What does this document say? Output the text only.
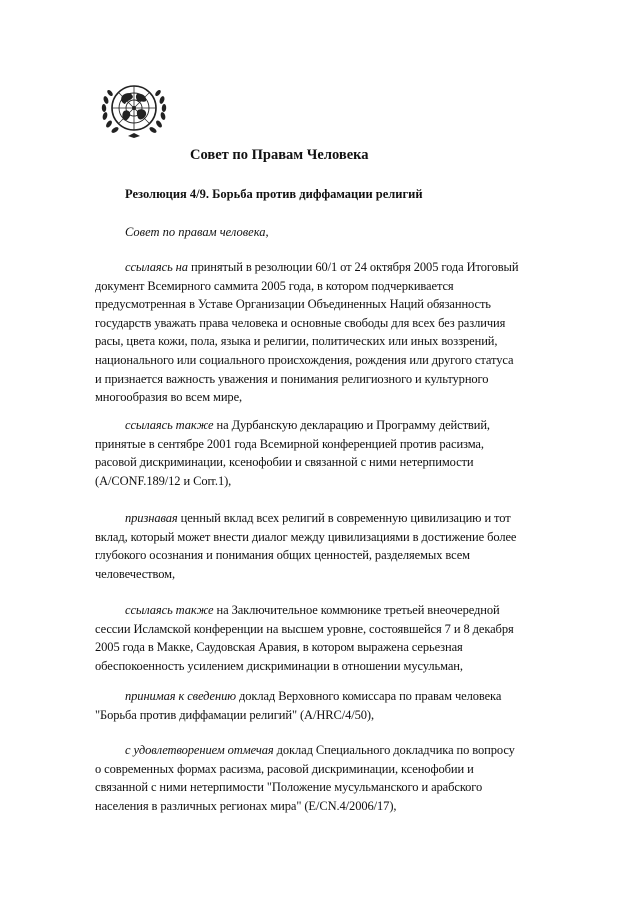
Совет по Правам Человека
Резолюция 4/9. Борьба против диффамации религий
Совет по правам человека,
ссылаясь на принятый в резолюции 60/1 от 24 октября 2005 года Итоговый
документ Всемирного саммита 2005 года, в котором подчеркивается
предусмотренная в Уставе Организации Объединенных Наций обязанность
государств уважать права человека и основные свободы для всех без различия
расы, цвета кожи, пола, языка и религии, политических или иных воззрений,
национального или социального происхождения, рождения или другого статуса
и признается важность уважения и понимания религиозного и культурного
многообразия во всем мире,
ссылаясь также на Дурбанскую декларацию и Программу действий,
принятые в сентябре 2001 года Всемирной конференцией против расизма,
расовой дискриминации, ксенофобии и связанной с ними нетерпимости
(A/CONF.189/12 и Corr.1),
признавая ценный вклад всех религий в современную цивилизацию и тот
вклад, который может внести диалог между цивилизациями в достижение более
глубокого осознания и понимания общих ценностей, разделяемых всем
человечеством,
ссылаясь также на Заключительное коммюнике третьей внеочередной
сессии Исламской конференции на высшем уровне, состоявшейся 7 и 8 декабря
2005 года в Макке, Саудовская Аравия, в котором выражена серьезная
обеспокоенность усилением дискриминации в отношении мусульман,
принимая к сведению доклад Верховного комиссара по правам человека
"Борьба против диффамации религий" (A/HRC/4/50),
с удовлетворением отмечая доклад Специального докладчика по вопросу
о современных формах расизма, расовой дискриминации, ксенофобии и
связанной с ними нетерпимости "Положение мусульманского и арабского
населения в различных регионах мира" (E/CN.4/2006/17),
